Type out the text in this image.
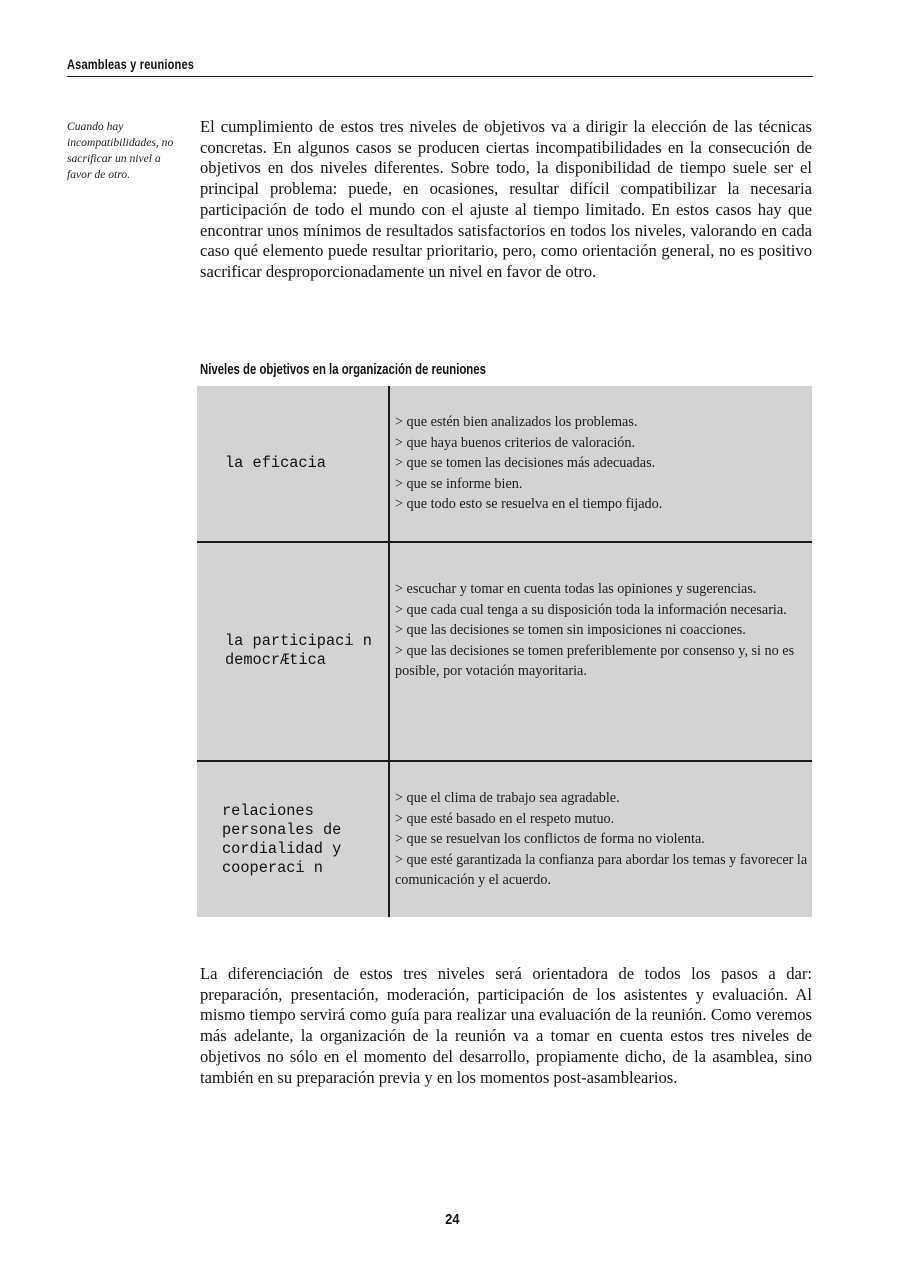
Asambleas y reuniones
Cuando hay incompatibilidades, no sacrificar un nivel a favor de otro.

El cumplimiento de estos tres niveles de objetivos va a dirigir la elección de las técnicas concretas. En algunos casos se producen ciertas incompatibilidades en la consecución de objetivos en dos niveles diferentes. Sobre todo, la disponibilidad de tiempo suele ser el principal problema: puede, en ocasiones, resultar difícil compatibilizar la necesaria participación de todo el mundo con el ajuste al tiempo limitado. En estos casos hay que encontrar unos mínimos de resultados satisfactorios en todos los niveles, valorando en cada caso qué elemento puede resultar prioritario, pero, como orientación general, no es positivo sacrificar desproporcionadamente un nivel en favor de otro.

Niveles de objetivos en la organización de reuniones
la eficacia
> que estén bien analizados los problemas.
> que haya buenos criterios de valoración.
> que se tomen las decisiones más adecuadas.
> que se informe bien.
> que todo esto se resuelva en el tiempo fijado.
la participaci n
democrÆtica
> escuchar y tomar en cuenta todas las opiniones y sugerencias.
> que cada cual tenga a su disposición toda la información necesaria.
> que las decisiones se tomen sin imposiciones ni coacciones.
> que las decisiones se tomen preferiblemente por consenso y, si no es posible, por votación mayoritaria.
relaciones
personales de
cordialidad y
cooperaci n
> que el clima de trabajo sea agradable.
> que esté basado en el respeto mutuo.
> que se resuelvan los conflictos de forma no violenta.
> que esté garantizada la confianza para abordar los temas y favorecer la comunicación y el acuerdo.

La diferenciación de estos tres niveles será orientadora de todos los pasos a dar: preparación, presentación, moderación, participación de los asistentes y evaluación. Al mismo tiempo servirá como guía para realizar una evaluación de la reunión. Como veremos más adelante, la organización de la reunión va a tomar en cuenta estos tres niveles de objetivos no sólo en el momento del desarrollo, propiamente dicho, de la asamblea, sino también en su preparación previa y en los momentos post-asamblearios.

24
